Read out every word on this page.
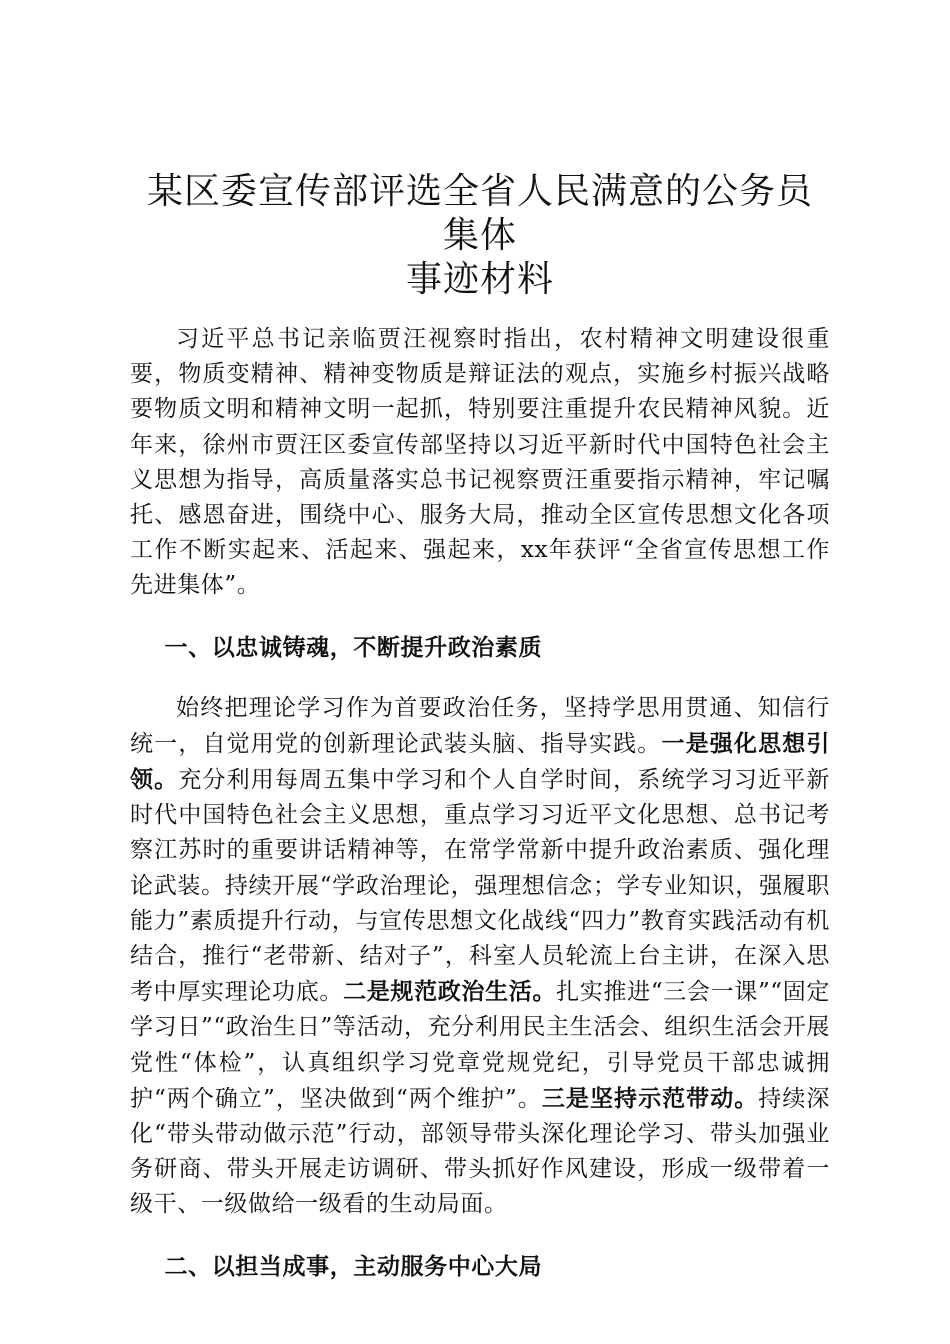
某区委宣传部评选全省人民满意的公务员集体
事迹材料

习近平总书记亲临贾汪视察时指出，农村精神文明建设很重要，物质变精神、精神变物质是辩证法的观点，实施乡村振兴战略要物质文明和精神文明一起抓，特别要注重提升农民精神风貌。近年来，徐州市贾汪区委宣传部坚持以习近平新时代中国特色社会主义思想为指导，高质量落实总书记视察贾汪重要指示精神，牢记嘱托、感恩奋进，围绕中心、服务大局，推动全区宣传思想文化各项工作不断实起来、活起来、强起来，xx年获评“全省宣传思想工作先进集体”。

一、以忠诚铸魂，不断提升政治素质

始终把理论学习作为首要政治任务，坚持学思用贯通、知信行统一，自觉用党的创新理论武装头脑、指导实践。一是强化思想引领。充分利用每周五集中学习和个人自学时间，系统学习习近平新时代中国特色社会主义思想，重点学习习近平文化思想、总书记考察江苏时的重要讲话精神等，在常学常新中提升政治素质、强化理论武装。持续开展“学政治理论，强理想信念；学专业知识，强履职能力”素质提升行动，与宣传思想文化战线“四力”教育实践活动有机结合，推行“老带新、结对子”，科室人员轮流上台主讲，在深入思考中厚实理论功底。二是规范政治生活。扎实推进“三会一课”“固定学习日”“政治生日”等活动，充分利用民主生活会、组织生活会开展党性“体检”，认真组织学习党章党规党纪，引导党员干部忠诚拥护“两个确立”，坚决做到“两个维护”。三是坚持示范带动。持续深化“带头带动做示范”行动，部领导带头深化理论学习、带头加强业务研商、带头开展走访调研、带头抓好作风建设，形成一级带着一级干、一级做给一级看的生动局面。

二、以担当成事，主动服务中心大局
